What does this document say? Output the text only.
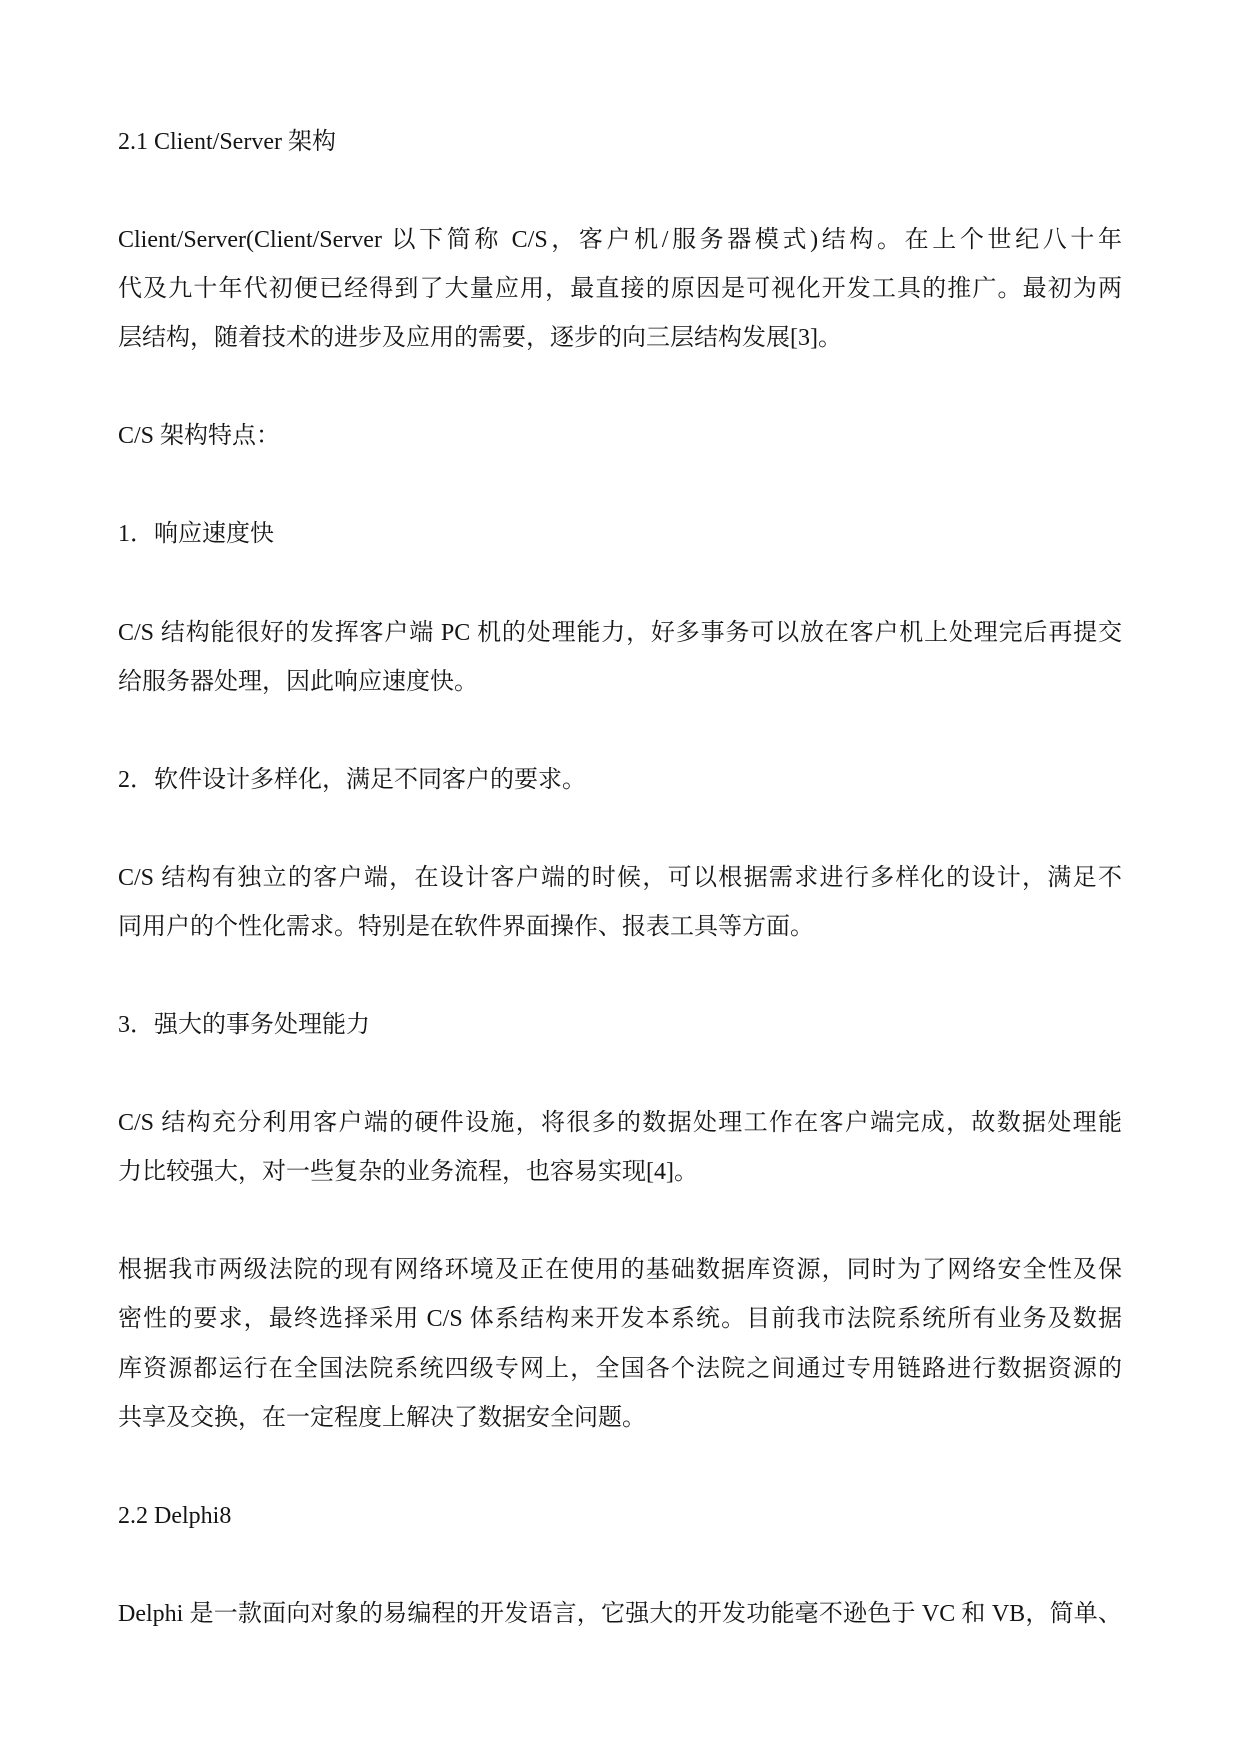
2.1 Client/Server 架构
Client/Server(Client/Server 以下简称 C/S，客户机/服务器模式)结构。在上个世纪八十年
代及九十年代初便已经得到了大量应用，最直接的原因是可视化开发工具的推广。最初为两
层结构，随着技术的进步及应用的需要，逐步的向三层结构发展[3]。
C/S 架构特点：
1．响应速度快
C/S 结构能很好的发挥客户端 PC 机的处理能力，好多事务可以放在客户机上处理完后再提交
给服务器处理，因此响应速度快。
2．软件设计多样化，满足不同客户的要求。
C/S 结构有独立的客户端，在设计客户端的时候，可以根据需求进行多样化的设计，满足不
同用户的个性化需求。特别是在软件界面操作、报表工具等方面。
3．强大的事务处理能力
C/S 结构充分利用客户端的硬件设施，将很多的数据处理工作在客户端完成，故数据处理能
力比较强大，对一些复杂的业务流程，也容易实现[4]。
根据我市两级法院的现有网络环境及正在使用的基础数据库资源，同时为了网络安全性及保
密性的要求，最终选择采用 C/S 体系结构来开发本系统。目前我市法院系统所有业务及数据
库资源都运行在全国法院系统四级专网上，全国各个法院之间通过专用链路进行数据资源的
共享及交换，在一定程度上解决了数据安全问题。
2.2 Delphi8
Delphi 是一款面向对象的易编程的开发语言，它强大的开发功能毫不逊色于 VC 和 VB，简单、
